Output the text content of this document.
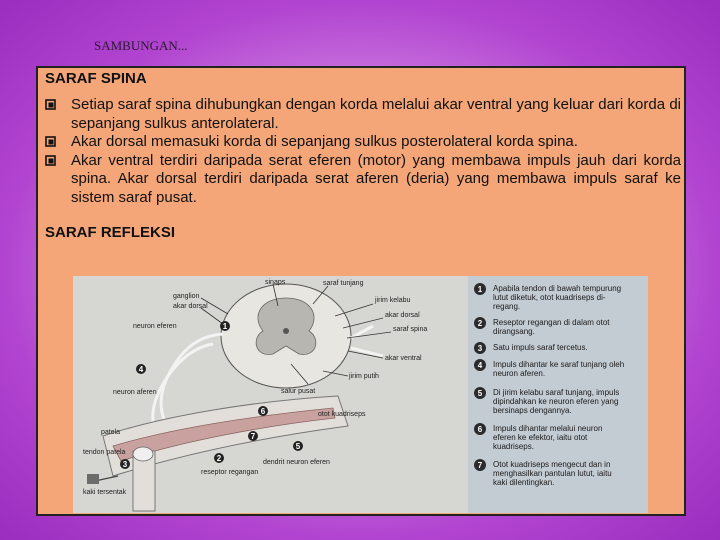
SAMBUNGAN...
SARAF SPINA
Setiap saraf spina dihubungkan dengan korda melalui akar ventral yang keluar dari korda di sepanjang sulkus anterolateral.
Akar dorsal memasuki korda di sepanjang sulkus posterolateral korda spina.
Akar ventral terdiri daripada serat eferen (motor) yang membawa impuls jauh dari korda spina. Akar dorsal terdiri daripada serat aferen (deria) yang membawa impuls saraf ke sistem saraf pusat.
SARAF REFLEKSI
1
4
6
2
3
7
5
sinaps	saraf tunjang
jirim kelabu
ganglion
akar dorsal
akar dorsal
neuron eferen	saraf spina
akar ventral
jirim putih
salur pusat
neuron aferen
otot kuadriseps
patela
tendon patela
reseptor regangan
dendrit neuron eferen
kaki tersentak
1 Apabila tendon di bawah tempurung
lutut diketuk, otot kuadriseps di-
regang.
2 Reseptor regangan di dalam otot
dirangsang.
3 Satu impuls saraf tercetus.
4 Impuls dihantar ke saraf tunjang oleh
neuron aferen.
5 Di jirim kelabu saraf tunjang, impuls
dipindahkan ke neuron eferen yang
bersinaps dengannya.
6 Impuls dihantar melalui neuron
eferen ke efektor, iaitu otot
kuadriseps.
7 Otot kuadriseps mengecut dan in
menghasilkan pantulan lutut, iaitu
kaki dilentingkan.
